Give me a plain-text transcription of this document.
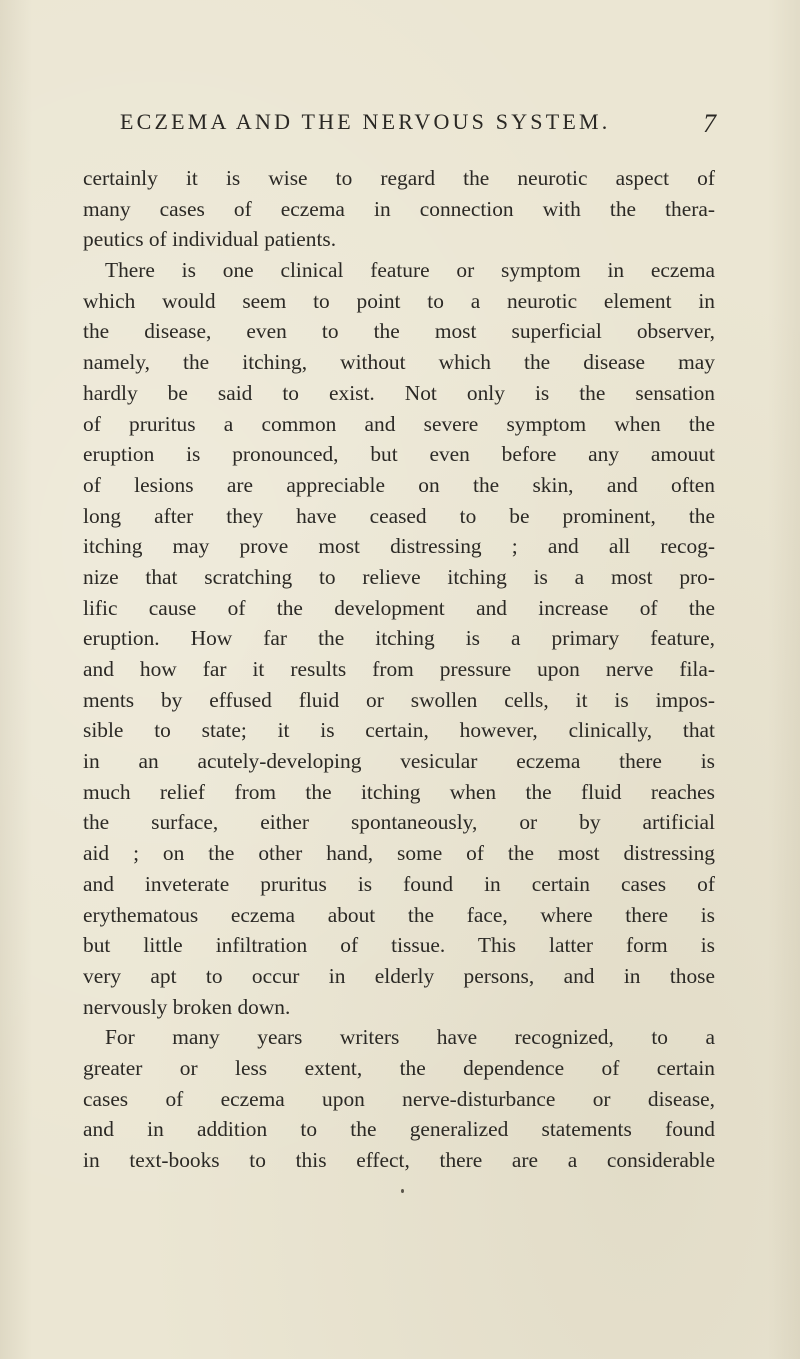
ECZEMA AND THE NERVOUS SYSTEM.	7
certainly it is wise to regard the neurotic aspect of
many cases of eczema in connection with the thera-
peutics of individual patients.
There is one clinical feature or symptom in eczema
which would seem to point to a neurotic element in
the disease, even to the most superficial observer,
namely, the itching, without which the disease may
hardly be said to exist. Not only is the sensation
of pruritus a common and severe symptom when the
eruption is pronounced, but even before any amouut
of lesions are appreciable on the skin, and often
long after they have ceased to be prominent, the
itching may prove most distressing ; and all recog-
nize that scratching to relieve itching is a most pro-
lific cause of the development and increase of the
eruption. How far the itching is a primary feature,
and how far it results from pressure upon nerve fila-
ments by effused fluid or swollen cells, it is impos-
sible to state; it is certain, however, clinically, that
in an acutely-developing vesicular eczema there is
much relief from the itching when the fluid reaches
the surface, either spontaneously, or by artificial
aid ; on the other hand, some of the most distressing
and inveterate pruritus is found in certain cases of
erythematous eczema about the face, where there is
but little infiltration of tissue. This latter form is
very apt to occur in elderly persons, and in those
nervously broken down.
For many years writers have recognized, to a
greater or less extent, the dependence of certain
cases of eczema upon nerve-disturbance or disease,
and in addition to the generalized statements found
in text-books to this effect, there are a considerable
